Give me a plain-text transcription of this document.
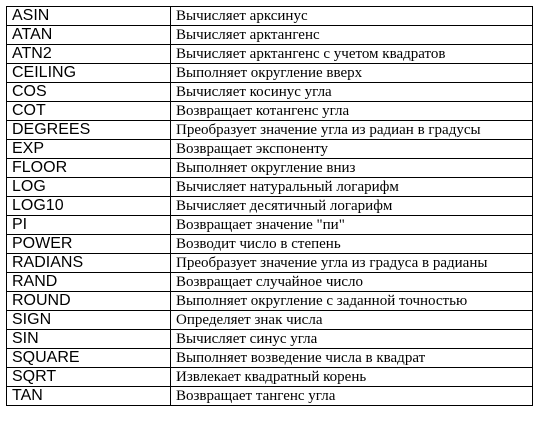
ASIN	Вычисляет арксинус
ATAN	Вычисляет арктангенс
ATN2	Вычисляет арктангенс с учетом квадратов
CEILING	Выполняет округление вверх
COS	Вычисляет косинус угла
COT	Возвращает котангенс угла
DEGREES	Преобразует значение угла из радиан в градусы
EXP	Возвращает экспоненту
FLOOR	Выполняет округление вниз
LOG	Вычисляет натуральный логарифм
LOG10	Вычисляет десятичный логарифм
PI	Возвращает значение "пи"
POWER	Возводит число в степень
RADIANS	Преобразует значение угла из градуса в радианы
RAND	Возвращает случайное число
ROUND	Выполняет округление с заданной точностью
SIGN	Определяет знак числа
SIN	Вычисляет синус угла
SQUARE	Выполняет возведение числа в квадрат
SQRT	Извлекает квадратный корень
TAN	Возвращает тангенс угла
